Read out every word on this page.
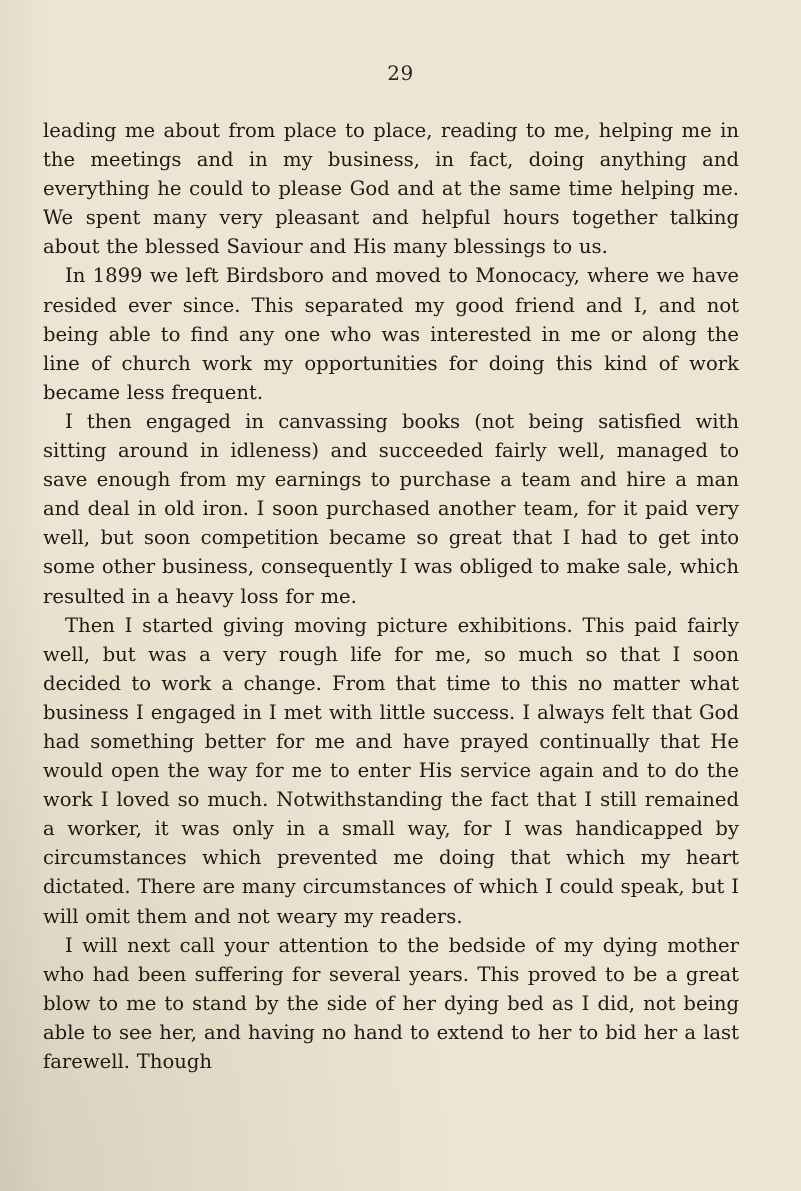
29

leading me about from place to place, reading to me, helping me in the meetings and in my business, in fact, doing anything and everything he could to please God and at the same time helping me. We spent many very pleasant and helpful hours together talking about the blessed Saviour and His many blessings to us.

In 1899 we left Birdsboro and moved to Monocacy, where we have resided ever since. This separated my good friend and I, and not being able to find any one who was interested in me or along the line of church work my opportunities for doing this kind of work became less frequent.

I then engaged in canvassing books (not being satisfied with sitting around in idleness) and succeeded fairly well, managed to save enough from my earnings to purchase a team and hire a man and deal in old iron. I soon purchased another team, for it paid very well, but soon competition became so great that I had to get into some other business, consequently I was obliged to make sale, which resulted in a heavy loss for me.

Then I started giving moving picture exhibitions. This paid fairly well, but was a very rough life for me, so much so that I soon decided to work a change. From that time to this no matter what business I engaged in I met with little success. I always felt that God had something better for me and have prayed continually that He would open the way for me to enter His service again and to do the work I loved so much. Notwithstanding the fact that I still remained a worker, it was only in a small way, for I was handicapped by circumstances which prevented me doing that which my heart dictated. There are many circumstances of which I could speak, but I will omit them and not weary my readers.

I will next call your attention to the bedside of my dying mother who had been suffering for several years. This proved to be a great blow to me to stand by the side of her dying bed as I did, not being able to see her, and having no hand to extend to her to bid her a last farewell. Though
